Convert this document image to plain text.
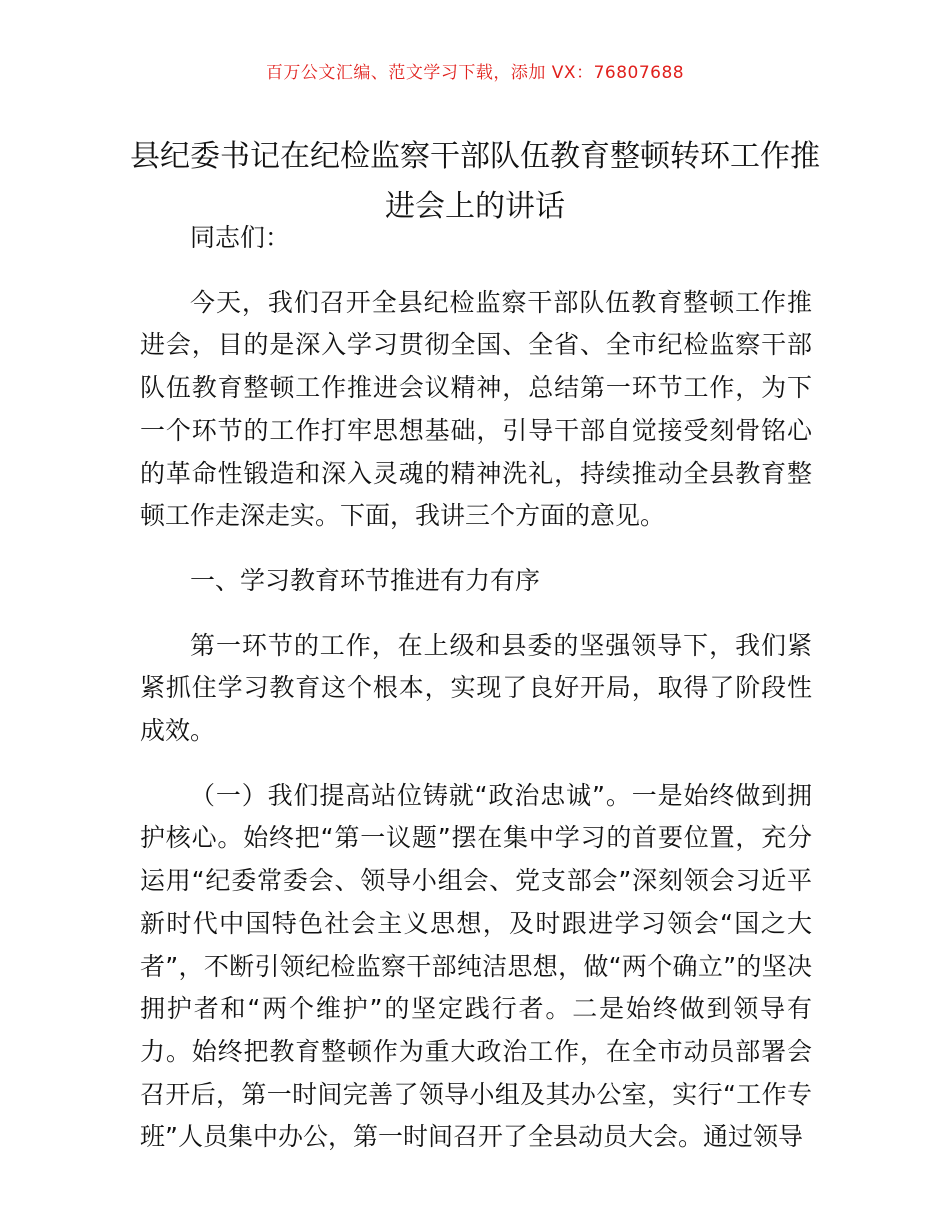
百万公文汇编、范文学习下载，添加 VX：76807688
县纪委书记在纪检监察干部队伍教育整顿转环工作推进会上的讲话

同志们：

今天，我们召开全县纪检监察干部队伍教育整顿工作推进会，目的是深入学习贯彻全国、全省、全市纪检监察干部队伍教育整顿工作推进会议精神，总结第一环节工作，为下一个环节的工作打牢思想基础，引导干部自觉接受刻骨铭心的革命性锻造和深入灵魂的精神洗礼，持续推动全县教育整顿工作走深走实。下面，我讲三个方面的意见。

一、学习教育环节推进有力有序

第一环节的工作，在上级和县委的坚强领导下，我们紧紧抓住学习教育这个根本，实现了良好开局，取得了阶段性成效。

（一）我们提高站位铸就“政治忠诚”。一是始终做到拥护核心。始终把“第一议题”摆在集中学习的首要位置，充分运用“纪委常委会、领导小组会、党支部会”深刻领会习近平新时代中国特色社会主义思想，及时跟进学习领会“国之大者”，不断引领纪检监察干部纯洁思想，做“两个确立”的坚决拥护者和“两个维护”的坚定践行者。二是始终做到领导有力。始终把教育整顿作为重大政治工作，在全市动员部署会召开后，第一时间完善了领导小组及其办公室，实行“工作专班”人员集中办公，第一时间召开了全县动员大会。通过领导
